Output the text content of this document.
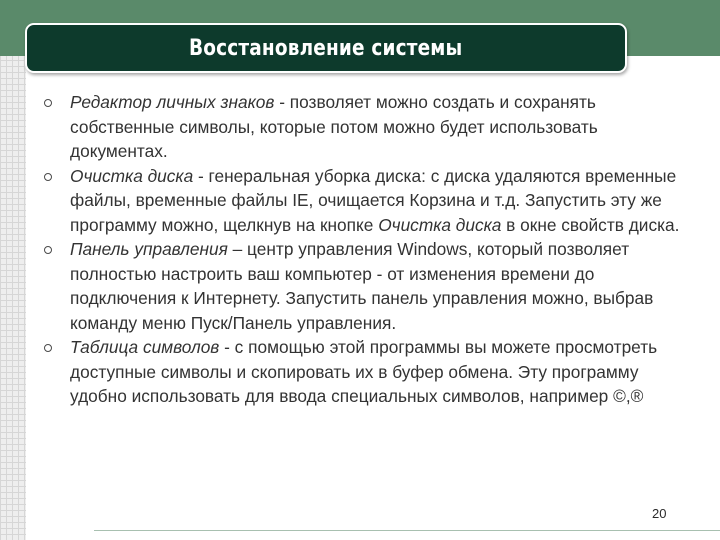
Восстановление системы
Редактор личных знаков - позволяет можно создать и сохранять собственные символы, которые потом можно будет использовать документах.
Очистка диска - генеральная уборка диска: с диска удаляются временные файлы, временные файлы IE, очищается Корзина и т.д. Запустить эту же программу можно, щелкнув на кнопке Очистка диска в окне свойств диска.
Панель управления – центр управления Windows, который позволяет полностью настроить ваш компьютер - от изменения времени до подключения к Интернету. Запустить панель управления можно, выбрав команду меню Пуск/Панель управления.
Таблица символов - с помощью этой программы вы можете просмотреть доступные символы и скопировать их в буфер обмена. Эту программу удобно использовать для ввода специальных символов, например ©,®
20
